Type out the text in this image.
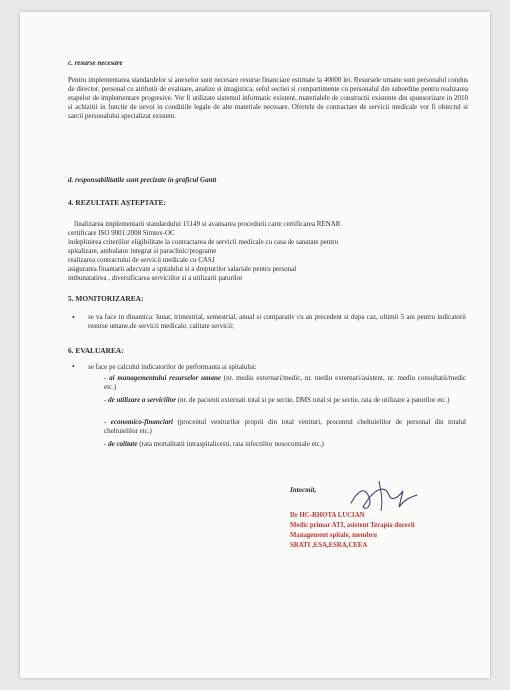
c. resurse necesare
Pentru implementarea standardelor si anexelor sunt necesare resurse financiare estimate la 40000 lei. Resursele umane sunt personalul condus de director, personal cu atributii de evaluare, analize si imagistica, seful sectiei si compartimente cu personalul din subordine pentru realizarea etapelor de implementare progresive. Vor fi utilizate sistemul informatic existent, materialele de constructii existente din sponsorizare in 2010 si achizitii in functie de nevoi in conditiile legale de alte materiale necesare. Ofertele de contractare de servicii medicale vor fi obiectul si sarcii personalului specializat existent.
d. responsabilitatile sunt precizate in graficul Gantt
4. REZULTATE AȘTEPTATE:
finalizarea implementarii standardului 15149 si avansarea procedurii catre certificarea RENAR
certificare ISO 9001:2008 Simtex-OC
indeplinirea criteriilor eligibilitate la contractarea de servicii medicale cu casa de sanatate pentru
spitalizare, ambulator integrat si paraclinic/programe
realizarea contractului de servicii medicale cu CASJ
asigurarea finantarii adecvate a spitalului si a drepturilor salariale pentru personal
imbunatatirea , diversificarea serviciilor si a utilizarii paturilor
5. MONITORIZAREA:
• se va face in dinamica: lunar, trimestrial, semestrial, anual si comparativ cu an precedent si dupa caz, ultimii 5 ani pentru indicatorii resurse umane,de servicii medicale, calitate servicii;
6. EVALUAREA:
• se face pe calculul indicatorilor de performanta ai spitalului:
- ai managementului resurselor umane (nr. mediu externari/medic, nr. mediu externari/asistent, nr. mediu consultatii/medic etc.)
- de utilizare a serviciilor (nr. de pacienti externati total si pe sectie, DMS total si pe sectie, rata de utilizare a paturilor etc.)
- economico-financiari (procentul veniturilor proprii din total venituri, procentul cheltuielilor de personal din totalul cheltuielilor etc.)
- de calitate (rata mortalitatii intraspitalicesti, rata infectiilor nosocomiale etc.)
Intocmit,
Dr HC-RHOTA LUCIAN
Medic primar ATI, asistent Terapia durerii
Management spitale, membru
SRATI ,ESA,ESRA,CEEA
